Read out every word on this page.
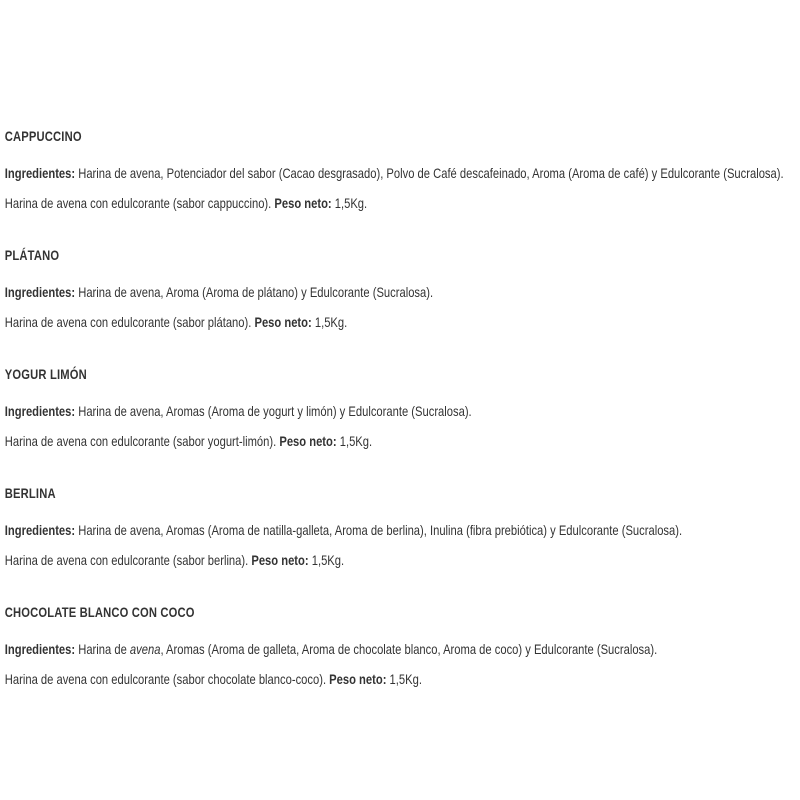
CAPPUCCINO

Ingredientes: Harina de avena, Potenciador del sabor (Cacao desgrasado), Polvo de Café descafeinado, Aroma (Aroma de café) y Edulcorante (Sucralosa).

Harina de avena con edulcorante (sabor cappuccino). Peso neto: 1,5Kg.

PLÁTANO

Ingredientes: Harina de avena, Aroma (Aroma de plátano) y Edulcorante (Sucralosa).

Harina de avena con edulcorante (sabor plátano). Peso neto: 1,5Kg.

YOGUR LIMÓN

Ingredientes: Harina de avena, Aromas (Aroma de yogurt y limón) y Edulcorante (Sucralosa).

Harina de avena con edulcorante (sabor yogurt-limón). Peso neto: 1,5Kg.

BERLINA

Ingredientes: Harina de avena, Aromas (Aroma de natilla-galleta, Aroma de berlina), Inulina (fibra prebiótica) y Edulcorante (Sucralosa).

Harina de avena con edulcorante (sabor berlina). Peso neto: 1,5Kg.

CHOCOLATE BLANCO CON COCO

Ingredientes: Harina de avena, Aromas (Aroma de galleta, Aroma de chocolate blanco, Aroma de coco) y Edulcorante (Sucralosa).

Harina de avena con edulcorante (sabor chocolate blanco-coco). Peso neto: 1,5Kg.
